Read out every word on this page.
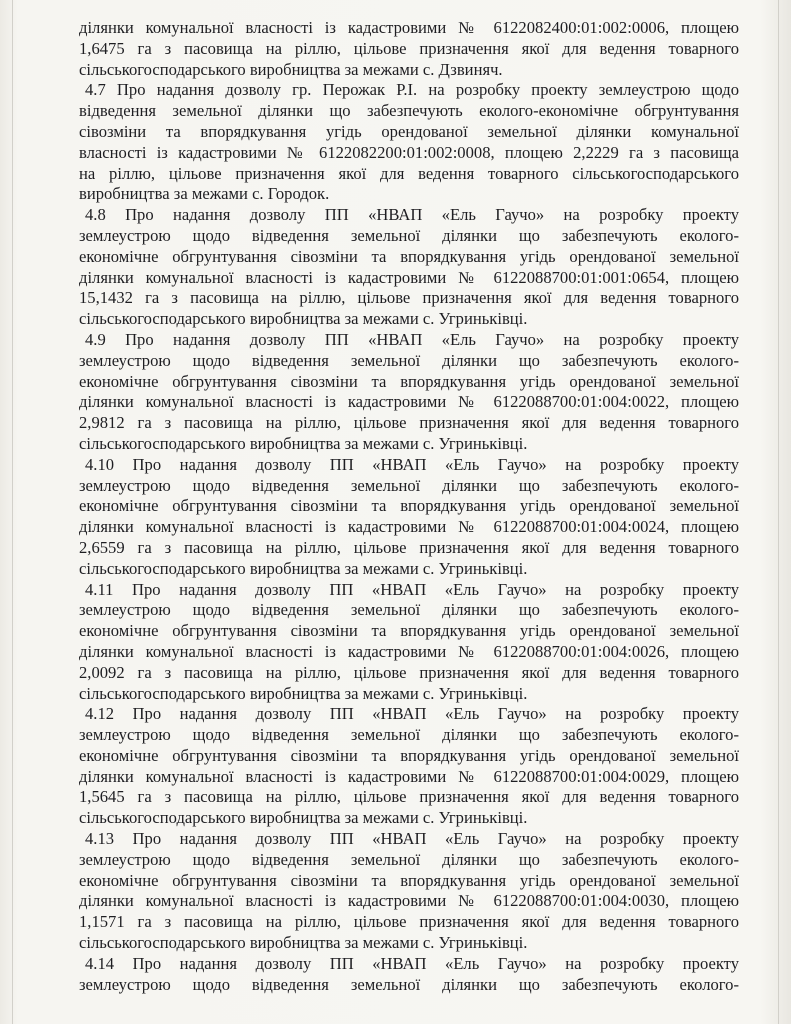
ділянки комунальної власності із кадастровими № 6122082400:01:002:0006, площею
1,6475 га з пасовища на ріллю, цільове призначення якої для ведення товарного
сільськогосподарського виробництва за межами с. Дзвиняч.

4.7 Про надання дозволу гр. Перожак Р.І. на розробку проекту землеустрою щодо
відведення земельної ділянки що забезпечують еколого-економічне обгрунтування
сівозміни та впорядкування угідь орендованої земельної ділянки комунальної
власності із кадастровими № 6122082200:01:002:0008, площею 2,2229 га з пасовища
на ріллю, цільове призначення якої для ведення товарного сільськогосподарського
виробництва за межами с. Городок.

4.8 Про надання дозволу ПП «НВАП «Ель Гаучо» на розробку проекту
землеустрою щодо відведення земельної ділянки що забезпечують еколого-
економічне обгрунтування сівозміни та впорядкування угідь орендованої земельної
ділянки комунальної власності із кадастровими № 6122088700:01:001:0654, площею
15,1432 га з пасовища на ріллю, цільове призначення якої для ведення товарного
сільськогосподарського виробництва за межами с. Угриньківці.

4.9 Про надання дозволу ПП «НВАП «Ель Гаучо» на розробку проекту
землеустрою щодо відведення земельної ділянки що забезпечують еколого-
економічне обгрунтування сівозміни та впорядкування угідь орендованої земельної
ділянки комунальної власності із кадастровими № 6122088700:01:004:0022, площею
2,9812 га з пасовища на ріллю, цільове призначення якої для ведення товарного
сільськогосподарського виробництва за межами с. Угриньківці.

4.10 Про надання дозволу ПП «НВАП «Ель Гаучо» на розробку проекту
землеустрою щодо відведення земельної ділянки що забезпечують еколого-
економічне обгрунтування сівозміни та впорядкування угідь орендованої земельної
ділянки комунальної власності із кадастровими № 6122088700:01:004:0024, площею
2,6559 га з пасовища на ріллю, цільове призначення якої для ведення товарного
сільськогосподарського виробництва за межами с. Угриньківці.

4.11 Про надання дозволу ПП «НВАП «Ель Гаучо» на розробку проекту
землеустрою щодо відведення земельної ділянки що забезпечують еколого-
економічне обгрунтування сівозміни та впорядкування угідь орендованої земельної
ділянки комунальної власності із кадастровими № 6122088700:01:004:0026, площею
2,0092 га з пасовища на ріллю, цільове призначення якої для ведення товарного
сільськогосподарського виробництва за межами с. Угриньківці.

4.12 Про надання дозволу ПП «НВАП «Ель Гаучо» на розробку проекту
землеустрою щодо відведення земельної ділянки що забезпечують еколого-
економічне обгрунтування сівозміни та впорядкування угідь орендованої земельної
ділянки комунальної власності із кадастровими № 6122088700:01:004:0029, площею
1,5645 га з пасовища на ріллю, цільове призначення якої для ведення товарного
сільськогосподарського виробництва за межами с. Угриньківці.

4.13 Про надання дозволу ПП «НВАП «Ель Гаучо» на розробку проекту
землеустрою щодо відведення земельної ділянки що забезпечують еколого-
економічне обгрунтування сівозміни та впорядкування угідь орендованої земельної
ділянки комунальної власності із кадастровими № 6122088700:01:004:0030, площею
1,1571 га з пасовища на ріллю, цільове призначення якої для ведення товарного
сільськогосподарського виробництва за межами с. Угриньківці.

4.14 Про надання дозволу ПП «НВАП «Ель Гаучо» на розробку проекту
землеустрою щодо відведення земельної ділянки що забезпечують еколого-
